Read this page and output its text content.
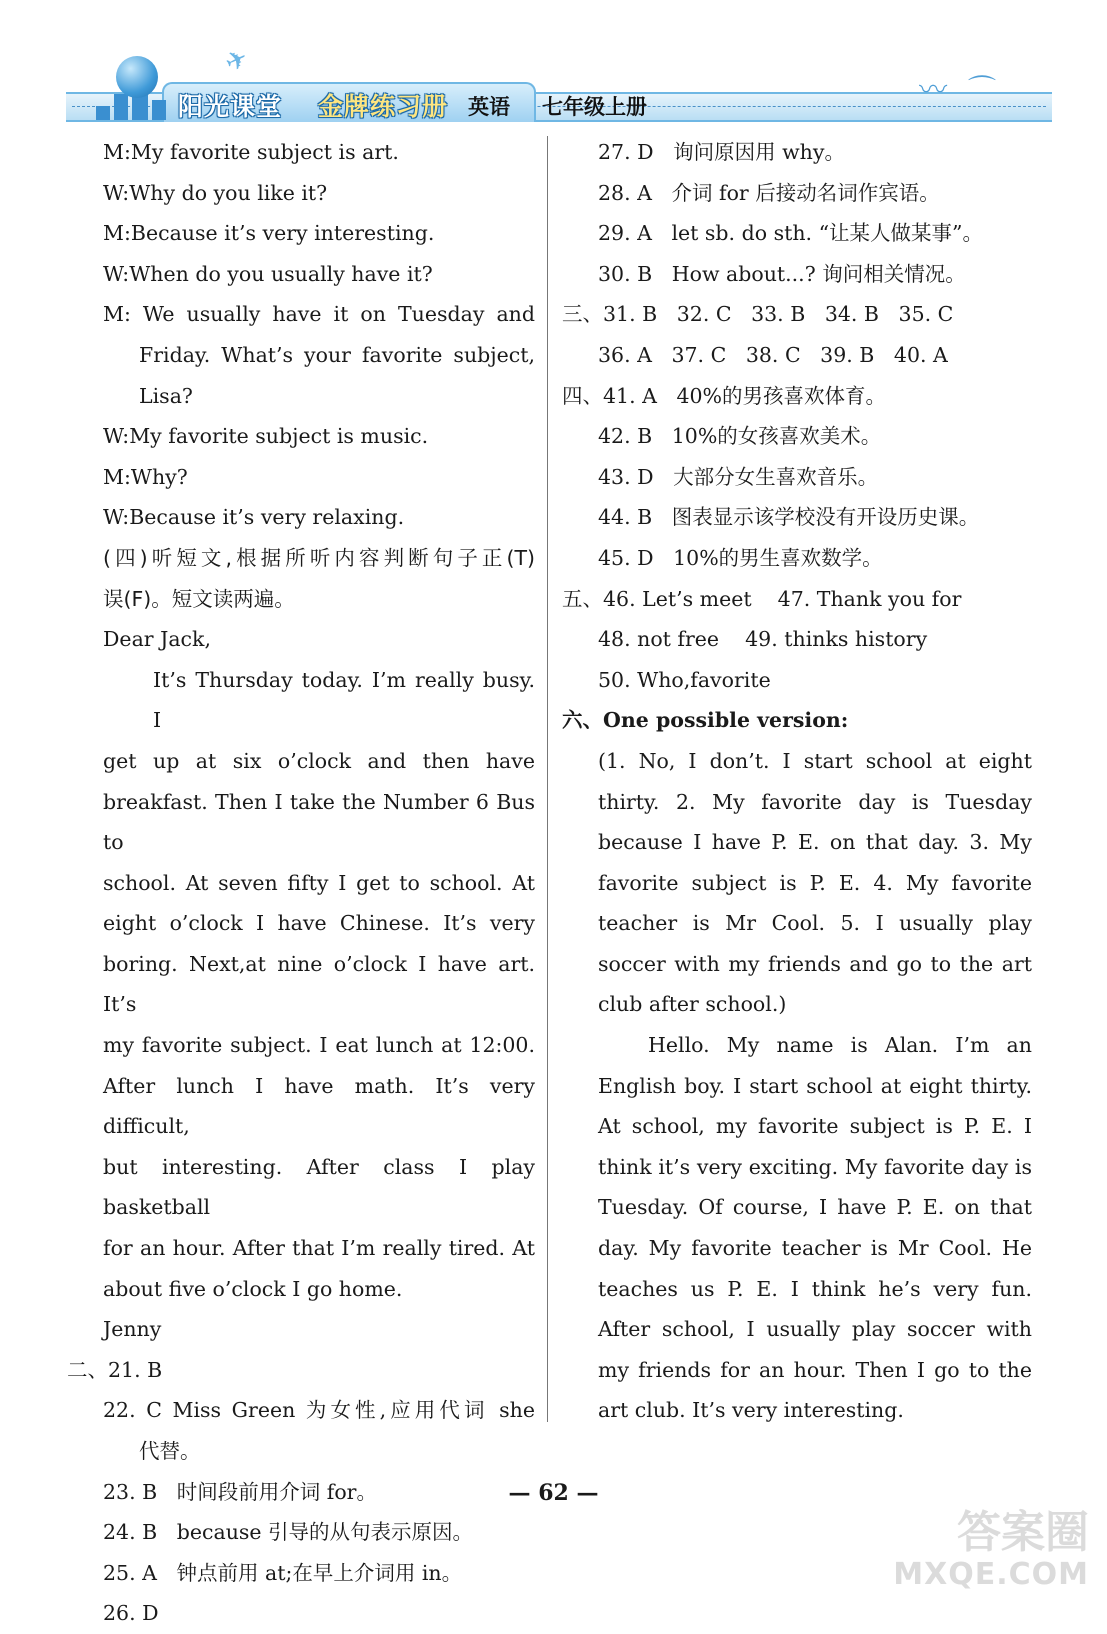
✈
〰 ⌒
阳光课堂 金牌练习册 英语 七年级上册
M:My favorite subject is art.
W:Why do you like it?
M:Because it’s very interesting.
W:When do you usually have it?
M: We usually have it on Tuesday and
Friday. What’s your favorite subject,
Lisa?
W:My favorite subject is music.
M:Why?
W:Because it’s very relaxing.
(四)听短文,根据所听内容判断句子正(T)
误(F)。短文读两遍。
Dear Jack,
It’s Thursday today. I’m really busy. I
get up at six o’clock and then have
breakfast. Then I take the Number 6 Bus to
school. At seven fifty I get to school. At
eight o’clock I have Chinese. It’s very
boring. Next,at nine o’clock I have art. It’s
my favorite subject. I eat lunch at 12:00.
After lunch I have math. It’s very difficult,
but interesting. After class I play basketball
for an hour. After that I’m really tired. At
about five o’clock I go home.
Jenny
二、21. B
22. C Miss Green 为女性,应用代词 she
代替。
23. B   时间段前用介词 for。
24. B   because 引导的从句表示原因。
25. A   钟点前用 at;在早上介词用 in。
26. D
27. D   询问原因用 why。
28. A   介词 for 后接动名词作宾语。
29. A   let sb. do sth. “让某人做某事”。
30. B   How about...? 询问相关情况。
三、31. B   32. C   33. B   34. B   35. C
36. A   37. C   38. C   39. B   40. A
四、41. A   40%的男孩喜欢体育。
42. B   10%的女孩喜欢美术。
43. D   大部分女生喜欢音乐。
44. B   图表显示该学校没有开设历史课。
45. D   10%的男生喜欢数学。
五、46. Let’s meet    47. Thank you for
48. not free    49. thinks history
50. Who,favorite
六、One possible version:
(1. No, I don’t. I start school at eight
thirty. 2. My favorite day is Tuesday
because I have P. E. on that day. 3. My
favorite subject is P. E. 4. My favorite
teacher is Mr Cool. 5. I usually play
soccer with my friends and go to the art
club after school.)
Hello. My name is Alan. I’m an
English boy. I start school at eight thirty.
At school, my favorite subject is P. E. I
think it’s very exciting. My favorite day is
Tuesday. Of course, I have P. E. on that
day. My favorite teacher is Mr Cool. He
teaches us P. E. I think he’s very fun.
After school, I usually play soccer with
my friends for an hour. Then I go to the
art club. It’s very interesting.
— 62 —
答案圈
MXQE.COM
